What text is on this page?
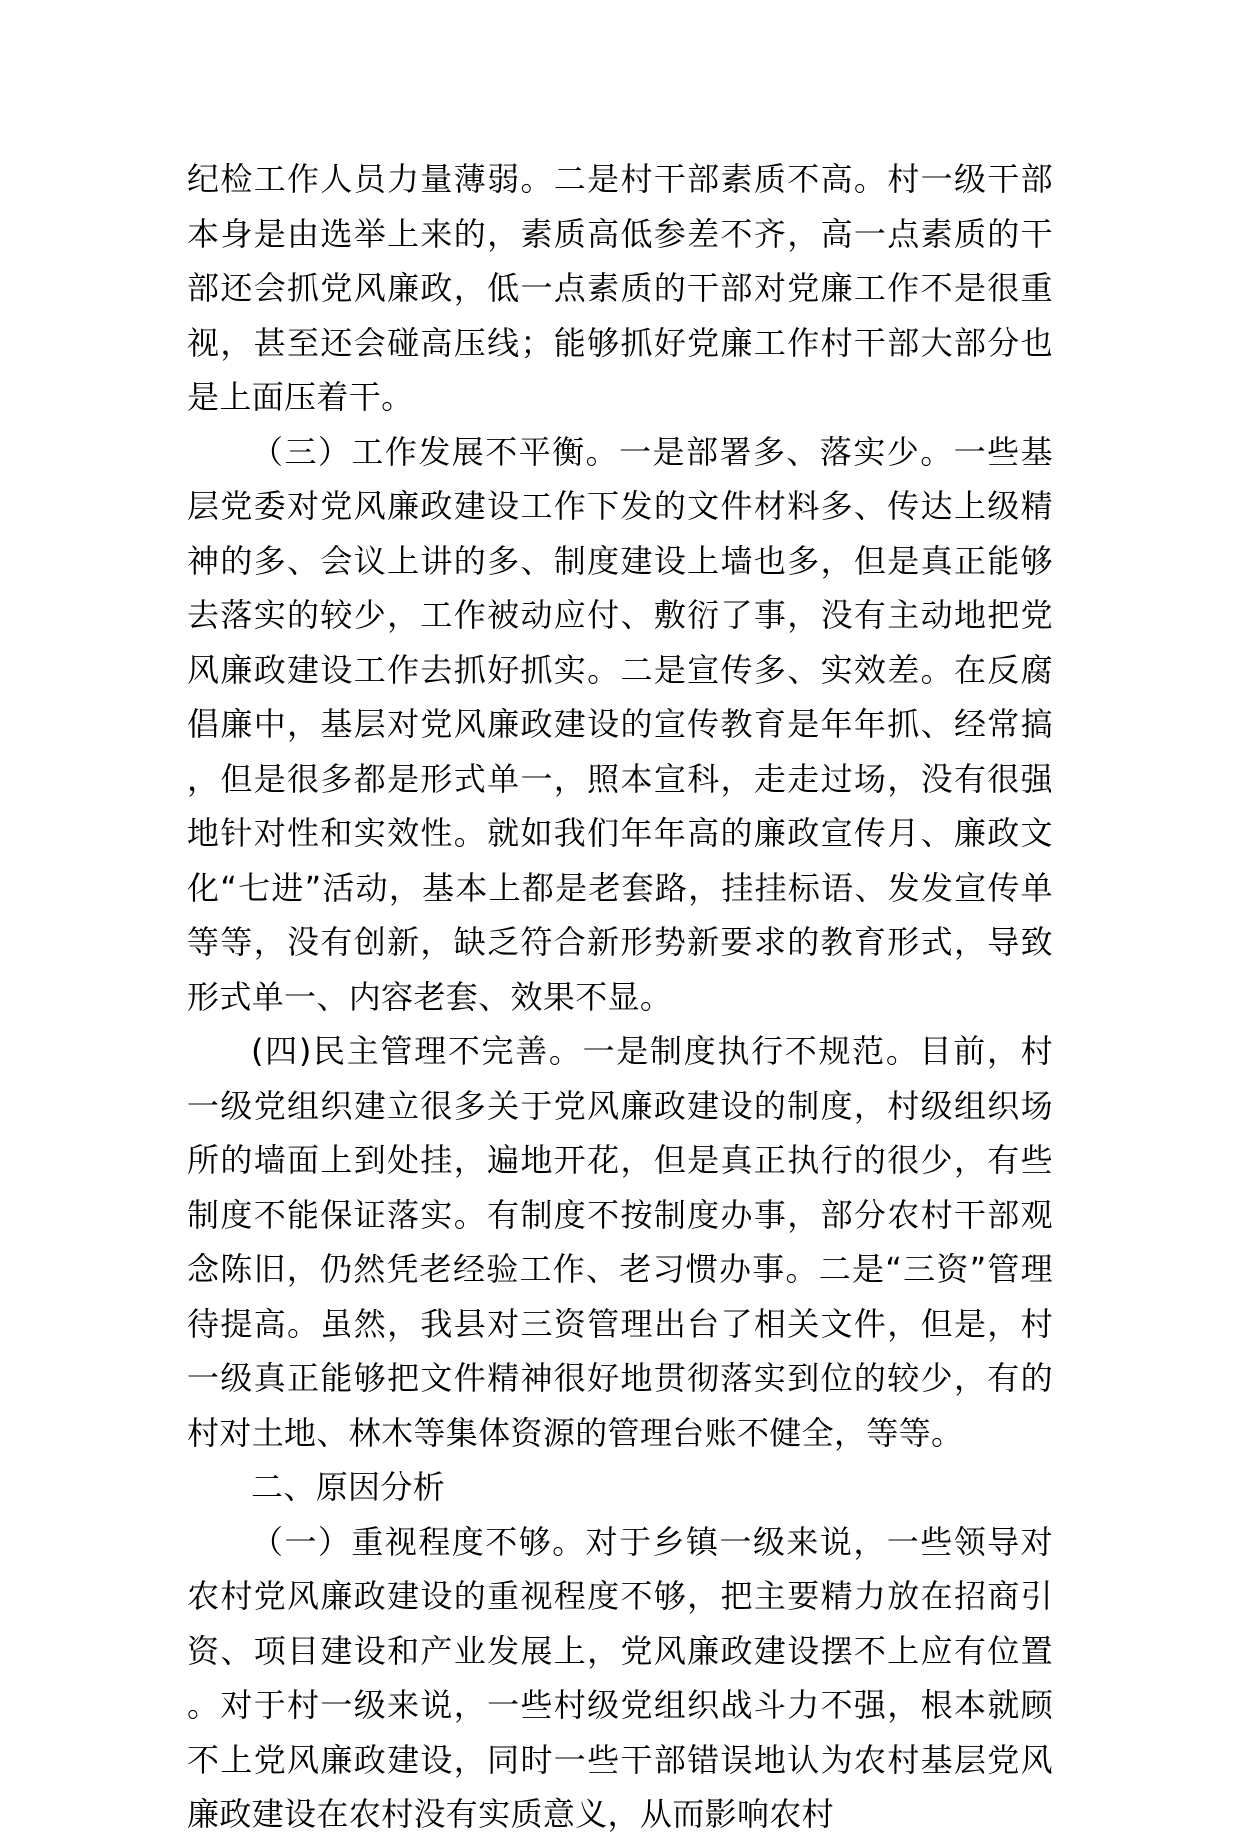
纪检工作人员力量薄弱。二是村干部素质不高。村一级干部本身是由选举上来的，素质高低参差不齐，高一点素质的干部还会抓党风廉政，低一点素质的干部对党廉工作不是很重视，甚至还会碰高压线；能够抓好党廉工作村干部大部分也是上面压着干。

（三）工作发展不平衡。一是部署多、落实少。一些基层党委对党风廉政建设工作下发的文件材料多、传达上级精神的多、会议上讲的多、制度建设上墙也多，但是真正能够去落实的较少，工作被动应付、敷衍了事，没有主动地把党风廉政建设工作去抓好抓实。二是宣传多、实效差。在反腐倡廉中，基层对党风廉政建设的宣传教育是年年抓、经常搞，但是很多都是形式单一，照本宣科，走走过场，没有很强地针对性和实效性。就如我们年年高的廉政宣传月、廉政文化“七进”活动，基本上都是老套路，挂挂标语、发发宣传单等等，没有创新，缺乏符合新形势新要求的教育形式，导致形式单一、内容老套、效果不显。

(四)民主管理不完善。一是制度执行不规范。目前，村一级党组织建立很多关于党风廉政建设的制度，村级组织场所的墙面上到处挂，遍地开花，但是真正执行的很少，有些制度不能保证落实。有制度不按制度办事，部分农村干部观念陈旧，仍然凭老经验工作、老习惯办事。二是“三资”管理待提高。虽然，我县对三资管理出台了相关文件，但是，村一级真正能够把文件精神很好地贯彻落实到位的较少，有的村对土地、林木等集体资源的管理台账不健全，等等。

二、原因分析

（一）重视程度不够。对于乡镇一级来说，一些领导对农村党风廉政建设的重视程度不够，把主要精力放在招商引资、项目建设和产业发展上，党风廉政建设摆不上应有位置。对于村一级来说，一些村级党组织战斗力不强，根本就顾不上党风廉政建设，同时一些干部错误地认为农村基层党风廉政建设在农村没有实质意义，从而影响农村
